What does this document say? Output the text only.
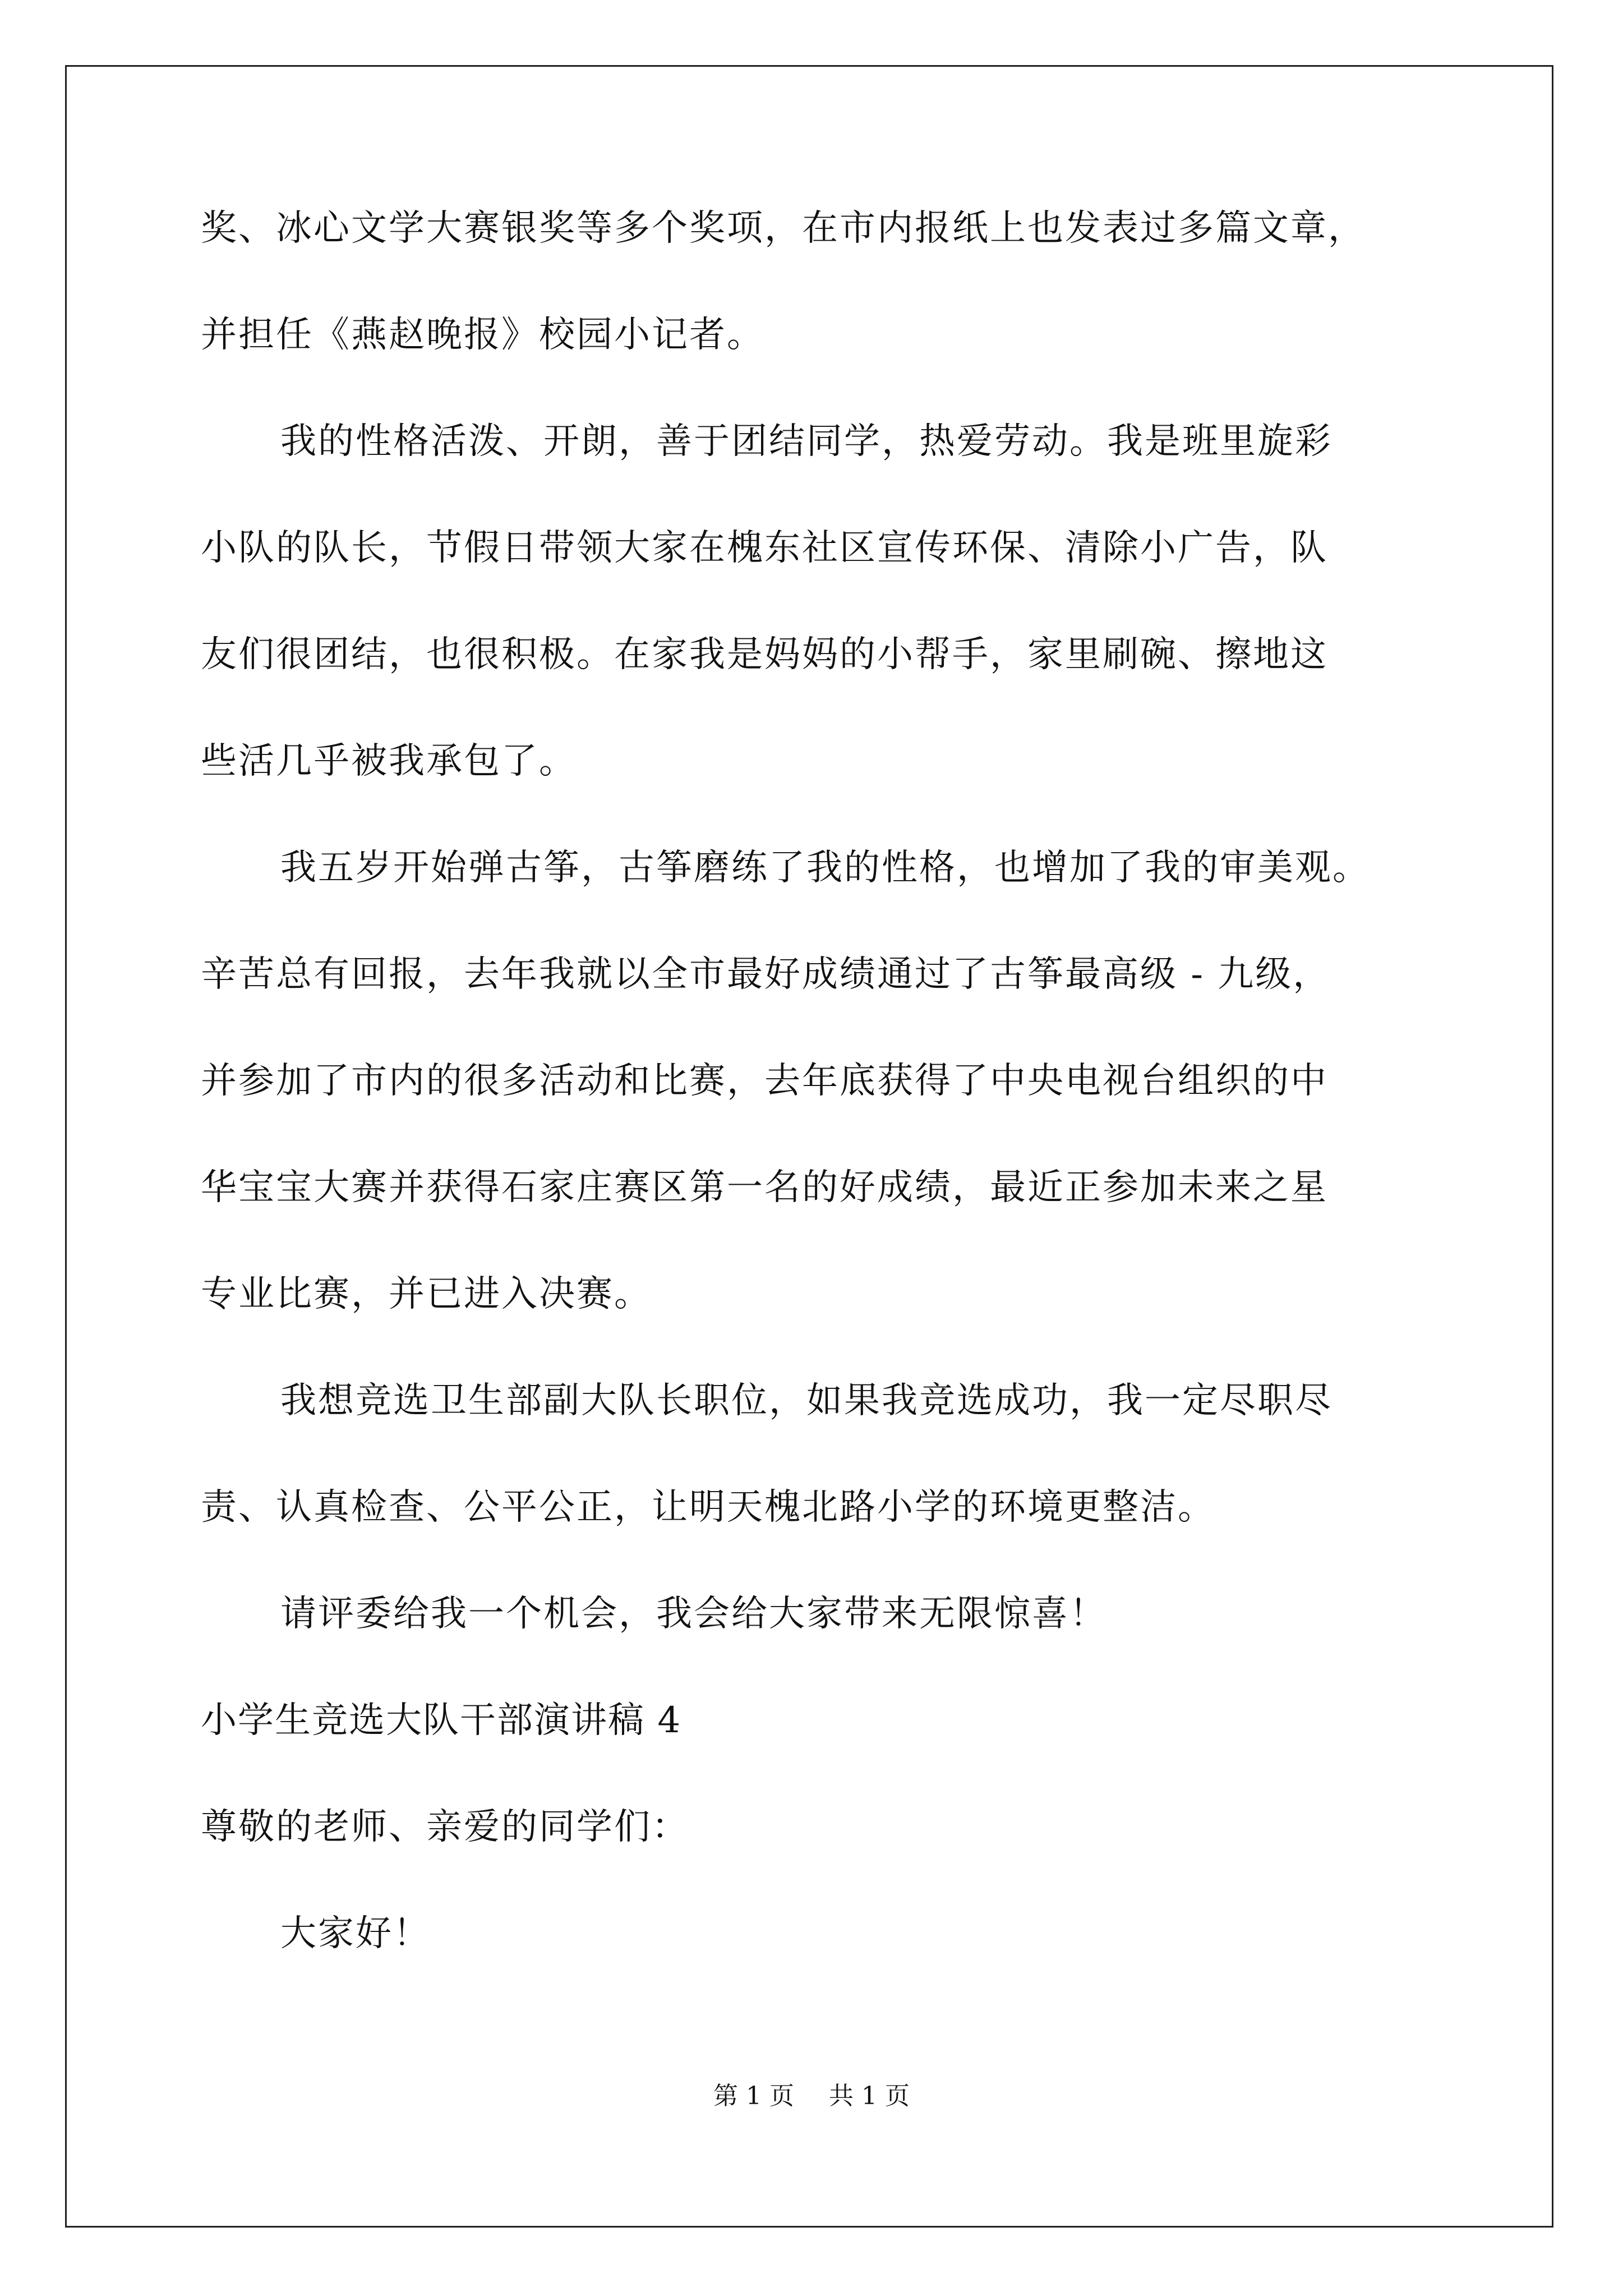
奖、冰心文学大赛银奖等多个奖项，在市内报纸上也发表过多篇文章，
并担任《燕赵晚报》校园小记者。
我的性格活泼、开朗，善于团结同学，热爱劳动。我是班里旋彩
小队的队长，节假日带领大家在槐东社区宣传环保、清除小广告，队
友们很团结，也很积极。在家我是妈妈的小帮手，家里刷碗、擦地这
些活几乎被我承包了。
我五岁开始弹古筝，古筝磨练了我的性格，也增加了我的审美观。
辛苦总有回报，去年我就以全市最好成绩通过了古筝最高级 - 九级，
并参加了市内的很多活动和比赛，去年底获得了中央电视台组织的中
华宝宝大赛并获得石家庄赛区第一名的好成绩，最近正参加未来之星
专业比赛，并已进入决赛。
我想竞选卫生部副大队长职位，如果我竞选成功，我一定尽职尽
责、认真检查、公平公正，让明天槐北路小学的环境更整洁。
请评委给我一个机会，我会给大家带来无限惊喜！
小学生竞选大队干部演讲稿 4
尊敬的老师、亲爱的同学们：
大家好！
第 1 页 共 1 页
